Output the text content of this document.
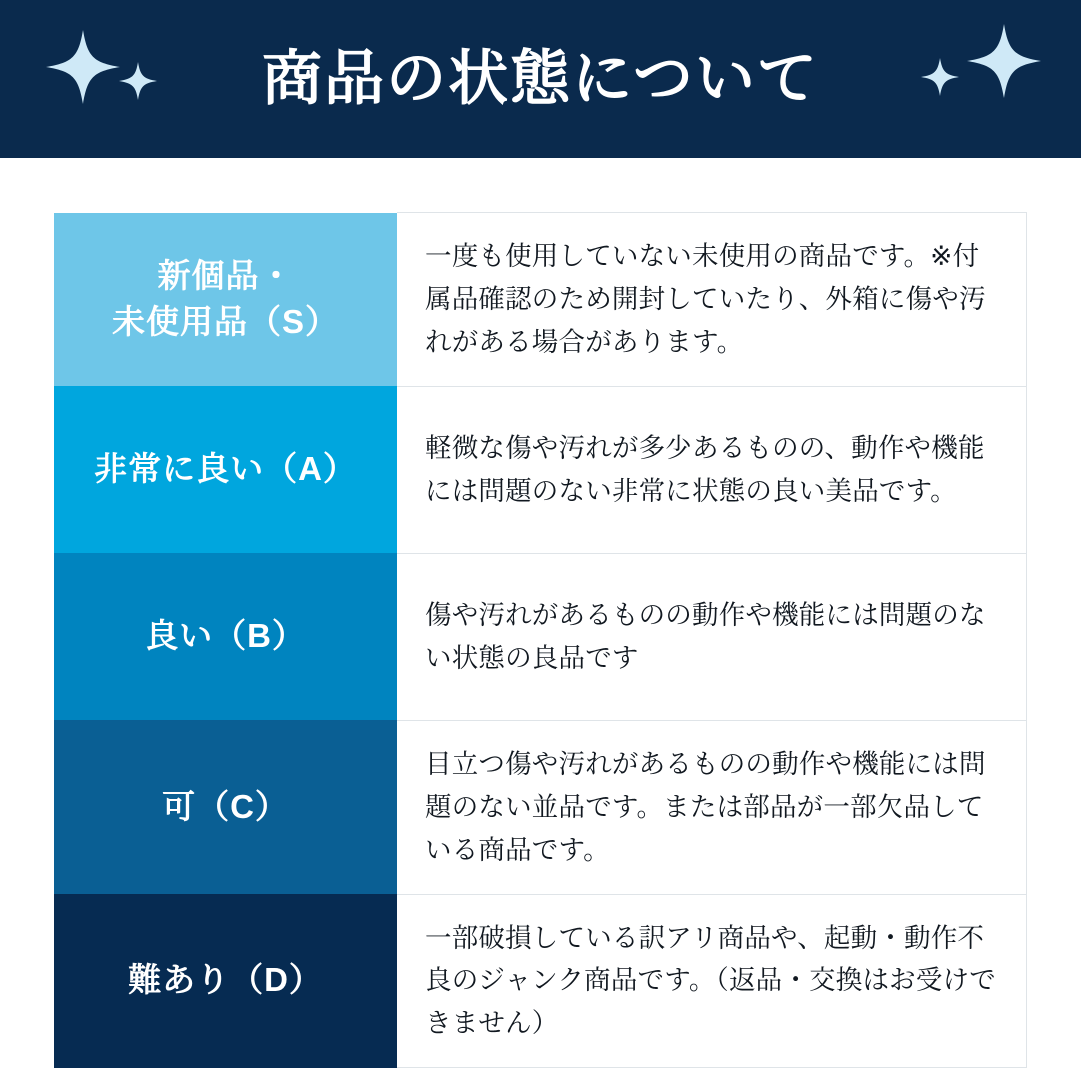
商品の状態について
新個品・
未使用品（S）	一度も使用していない未使用の商品です。※付属品確認のため開封していたり、外箱に傷や汚れがある場合があります。

非常に良い（A）	軽微な傷や汚れが多少あるものの、動作や機能には問題のない非常に状態の良い美品です。

良い（B）	傷や汚れがあるものの動作や機能には問題のない状態の良品です

可（C）	目立つ傷や汚れがあるものの動作や機能には問題のない並品です。または部品が一部欠品している商品です。

難あり（D）	一部破損している訳アリ商品や、起動・動作不良のジャンク商品です。（返品・交換はお受けできません）
